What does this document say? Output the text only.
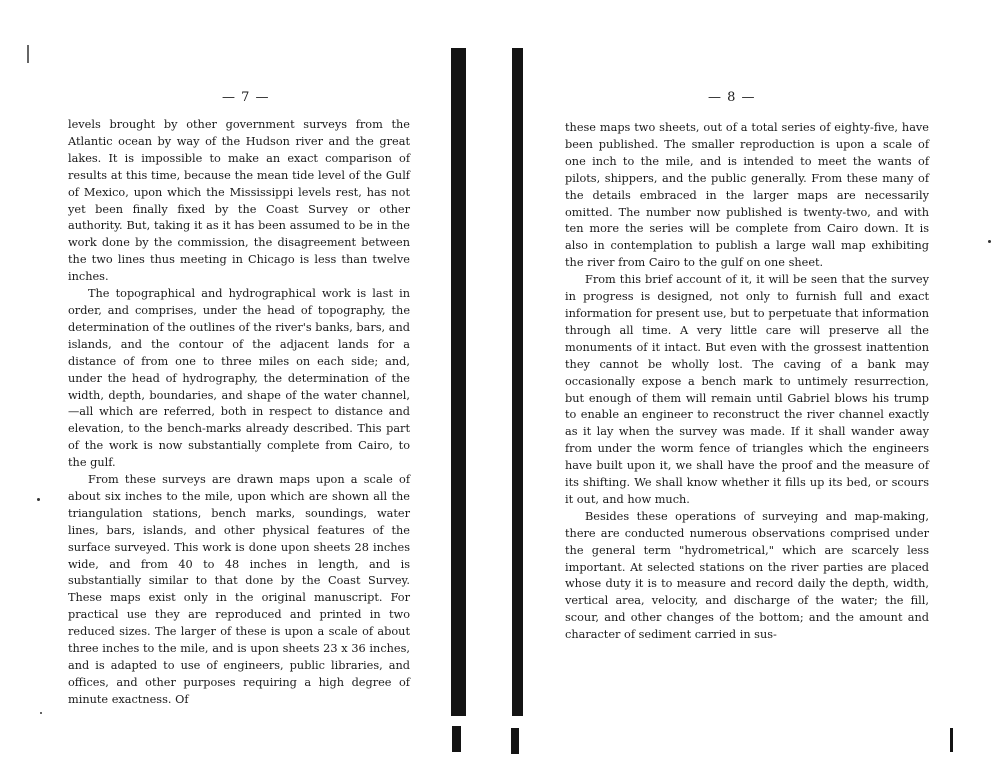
— 7 —

levels brought by other government surveys from the Atlantic ocean by way of the Hudson river and the great lakes. It is impossible to make an exact comparison of results at this time, because the mean tide level of the Gulf of Mexico, upon which the Mississippi levels rest, has not yet been finally fixed by the Coast Survey or other authority. But, taking it as it has been assumed to be in the work done by the commission, the disagreement between the two lines thus meeting in Chicago is less than twelve inches.

The topographical and hydrographical work is last in order, and comprises, under the head of topography, the determination of the outlines of the river's banks, bars, and islands, and the contour of the adjacent lands for a distance of from one to three miles on each side; and, under the head of hydrography, the determination of the width, depth, boundaries, and shape of the water channel,—all which are referred, both in respect to distance and elevation, to the bench-marks already described. This part of the work is now substantially complete from Cairo, to the gulf.

From these surveys are drawn maps upon a scale of about six inches to the mile, upon which are shown all the triangulation stations, bench marks, soundings, water lines, bars, islands, and other physical features of the surface surveyed. This work is done upon sheets 28 inches wide, and from 40 to 48 inches in length, and is substantially similar to that done by the Coast Survey. These maps exist only in the original manuscript. For practical use they are reproduced and printed in two reduced sizes. The larger of these is upon a scale of about three inches to the mile, and is upon sheets 23 x 36 inches, and is adapted to use of engineers, public libraries, and offices, and other purposes requiring a high degree of minute exactness. Of

— 8 —

these maps two sheets, out of a total series of eighty-five, have been published. The smaller reproduction is upon a scale of one inch to the mile, and is intended to meet the wants of pilots, shippers, and the public generally. From these many of the details embraced in the larger maps are necessarily omitted. The number now published is twenty-two, and with ten more the series will be complete from Cairo down. It is also in contemplation to publish a large wall map exhibiting the river from Cairo to the gulf on one sheet.

From this brief account of it, it will be seen that the survey in progress is designed, not only to furnish full and exact information for present use, but to perpetuate that information through all time. A very little care will preserve all the monuments of it intact. But even with the grossest inattention they cannot be wholly lost. The caving of a bank may occasionally expose a bench mark to untimely resurrection, but enough of them will remain until Gabriel blows his trump to enable an engineer to reconstruct the river channel exactly as it lay when the survey was made. If it shall wander away from under the worm fence of triangles which the engineers have built upon it, we shall have the proof and the measure of its shifting. We shall know whether it fills up its bed, or scours it out, and how much.

Besides these operations of surveying and map-making, there are conducted numerous observations comprised under the general term "hydrometrical," which are scarcely less important. At selected stations on the river parties are placed whose duty it is to measure and record daily the depth, width, vertical area, velocity, and discharge of the water; the fill, scour, and other changes of the bottom; and the amount and character of sediment carried in sus-
